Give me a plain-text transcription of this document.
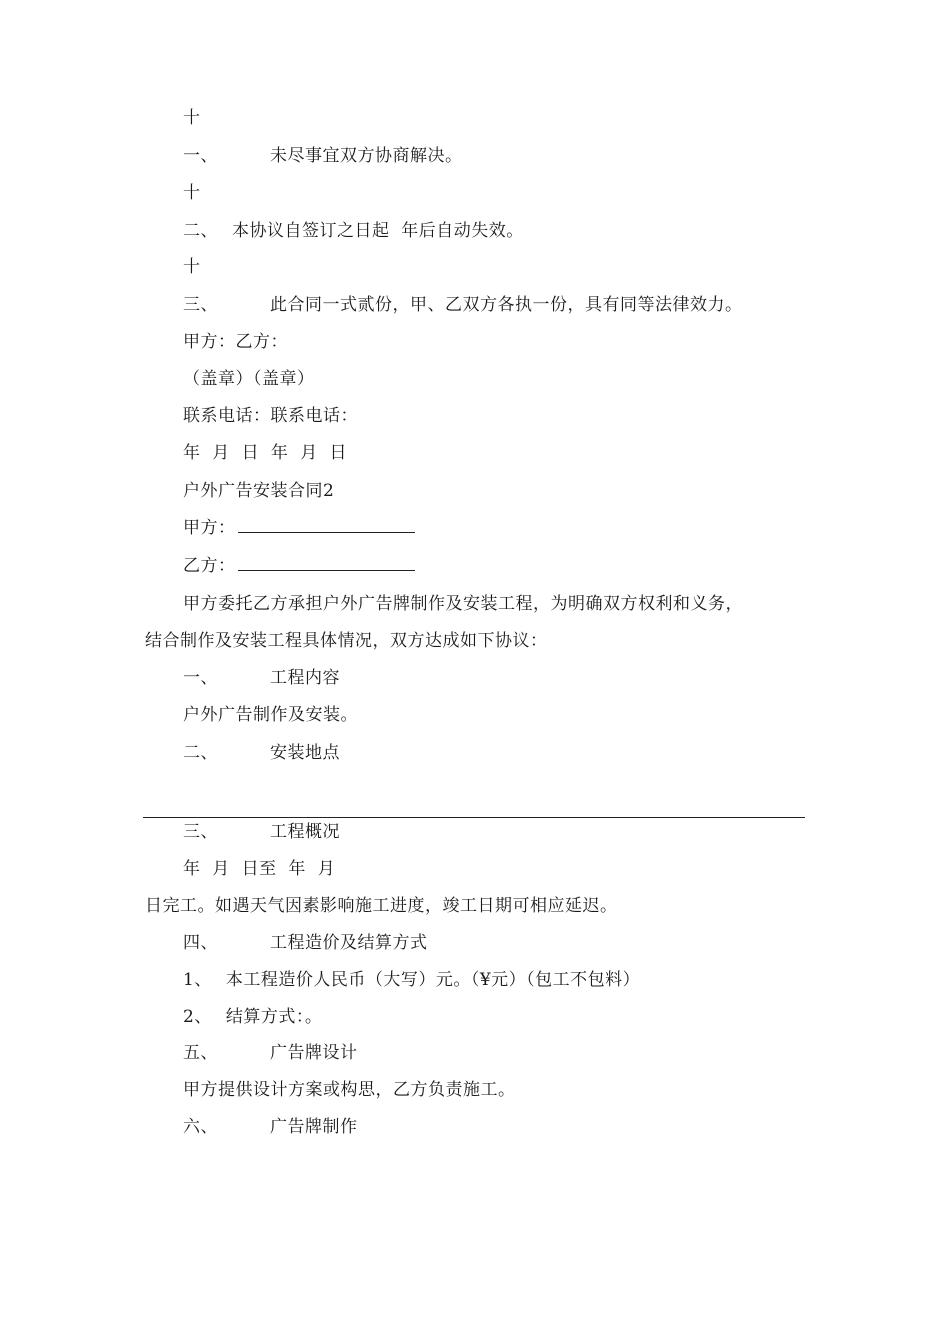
十
一、	未尽事宜双方协商解决。
十
二、 本协议自签订之日起  年后自动失效。
十
三、	此合同一式贰份，甲、乙双方各执一份，具有同等法律效力。
甲方：乙方：
（盖章）（盖章）
联系电话：联系电话：
年  月  日  年  月  日
户外广告安装合同2
甲方：
乙方：
甲方委托乙方承担户外广告牌制作及安装工程，为明确双方权利和义务，
结合制作及安装工程具体情况，双方达成如下协议：
一、	工程内容
户外广告制作及安装。
二、	安装地点
三、	工程概况
年  月  日至  年  月
日完工。如遇天气因素影响施工进度，竣工日期可相应延迟。
四、	工程造价及结算方式
1、 本工程造价人民币（大写）元。（¥元）（包工不包料）
2、 结算方式：。
五、	广告牌设计
甲方提供设计方案或构思，乙方负责施工。
六、	广告牌制作
